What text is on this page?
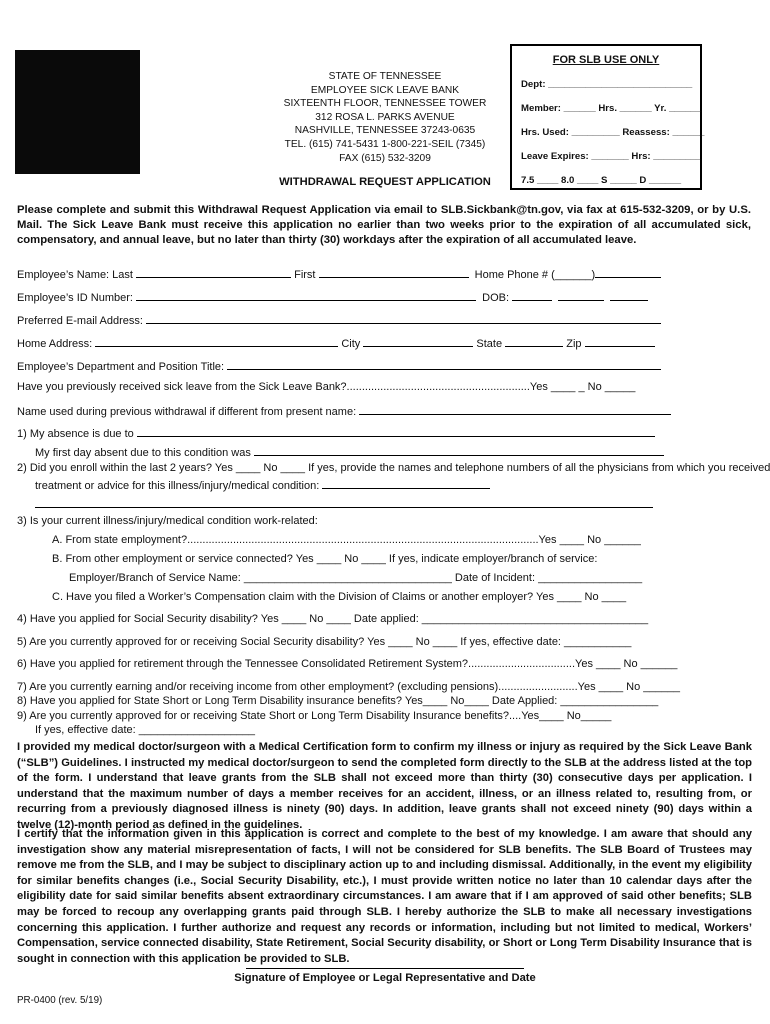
STATE OF TENNESSEE
EMPLOYEE SICK LEAVE BANK
SIXTEENTH FLOOR, TENNESSEE TOWER
312 ROSA L. PARKS AVENUE
NASHVILLE, TENNESSEE 37243-0635
TEL. (615) 741-5431 1-800-221-SEIL (7345)
FAX (615) 532-3209
WITHDRAWAL REQUEST APPLICATION
FOR SLB USE ONLY
Dept: ___________________________
Member: ______ Hrs. ______ Yr. ______
Hrs. Used: _________ Reassess: ______
Leave Expires: _______ Hrs: _________
7.5 ____ 8.0 ____ S _____ D ______
Please complete and submit this Withdrawal Request Application via email to SLB.Sickbank@tn.gov, via fax at 615-532-3209, or by U.S. Mail. The Sick Leave Bank must receive this application no earlier than two weeks prior to the expiration of all accumulated sick, compensatory, and annual leave, but no later than thirty (30) workdays after the expiration of all accumulated leave.
Employee’s Name: Last	First	Home Phone # (______)
Employee’s ID Number:	DOB:
Preferred E-mail Address:
Home Address:	City	State	Zip
Employee’s Department and Position Title:
Have you previously received sick leave from the Sick Leave Bank?............................................................Yes ____ _ No _____
Name used during previous withdrawal if different from present name:
1) My absence is due to
My first day absent due to this condition was
2) Did you enroll within the last 2 years? Yes ____ No ____ If yes, provide the names and telephone numbers of all the physicians from which you received
treatment or advice for this illness/injury/medical condition:
3) Is your current illness/injury/medical condition work-related:
A. From state employment?...................................................................................................................Yes ____ No ______
B. From other employment or service connected? Yes ____ No ____ If yes, indicate employer/branch of service:
Employer/Branch of Service Name: __________________________________ Date of Incident: _________________
C. Have you filed a Worker’s Compensation claim with the Division of Claims or another employer? Yes ____ No ____
4) Have you applied for Social Security disability? Yes ____ No ____ Date applied: _____________________________________
5) Are you currently approved for or receiving Social Security disability? Yes ____ No ____ If yes, effective date: ___________
6) Have you applied for retirement through the Tennessee Consolidated Retirement System?...................................Yes ____ No ______
7) Are you currently earning and/or receiving income from other employment? (excluding pensions)..........................Yes ____ No ______
8) Have you applied for State Short or Long Term Disability insurance benefits? Yes____ No____ Date Applied: ________________
9) Are you currently approved for or receiving State Short or Long Term Disability Insurance benefits?....Yes____ No_____
If yes, effective date: ___________________
I provided my medical doctor/surgeon with a Medical Certification form to confirm my illness or injury as required by the Sick Leave Bank (“SLB”) Guidelines. I instructed my medical doctor/surgeon to send the completed form directly to the SLB at the address listed at the top of the form. I understand that leave grants from the SLB shall not exceed more than thirty (30) consecutive days per application. I understand that the maximum number of days a member receives for an accident, illness, or an illness related to, resulting from, or recurring from a previously diagnosed illness is ninety (90) days. In addition, leave grants shall not exceed ninety (90) days within a twelve (12)-month period as defined in the guidelines.
I certify that the information given in this application is correct and complete to the best of my knowledge. I am aware that should any investigation show any material misrepresentation of facts, I will not be considered for SLB benefits. The SLB Board of Trustees may remove me from the SLB, and I may be subject to disciplinary action up to and including dismissal. Additionally, in the event my eligibility for similar benefits changes (i.e., Social Security Disability, etc.), I must provide written notice no later than 10 calendar days after the eligibility date for said similar benefits absent extraordinary circumstances. I am aware that if I am approved of said other benefits; SLB may be forced to recoup any overlapping grants paid through SLB. I hereby authorize the SLB to make all necessary investigations concerning this application. I further authorize and request any records or information, including but not limited to medical, Workers’ Compensation, service connected disability, State Retirement, Social Security disability, or Short or Long Term Disability Insurance that is sought in connection with this application be provided to SLB.
Signature of Employee or Legal Representative and Date
PR-0400 (rev. 5/19)
